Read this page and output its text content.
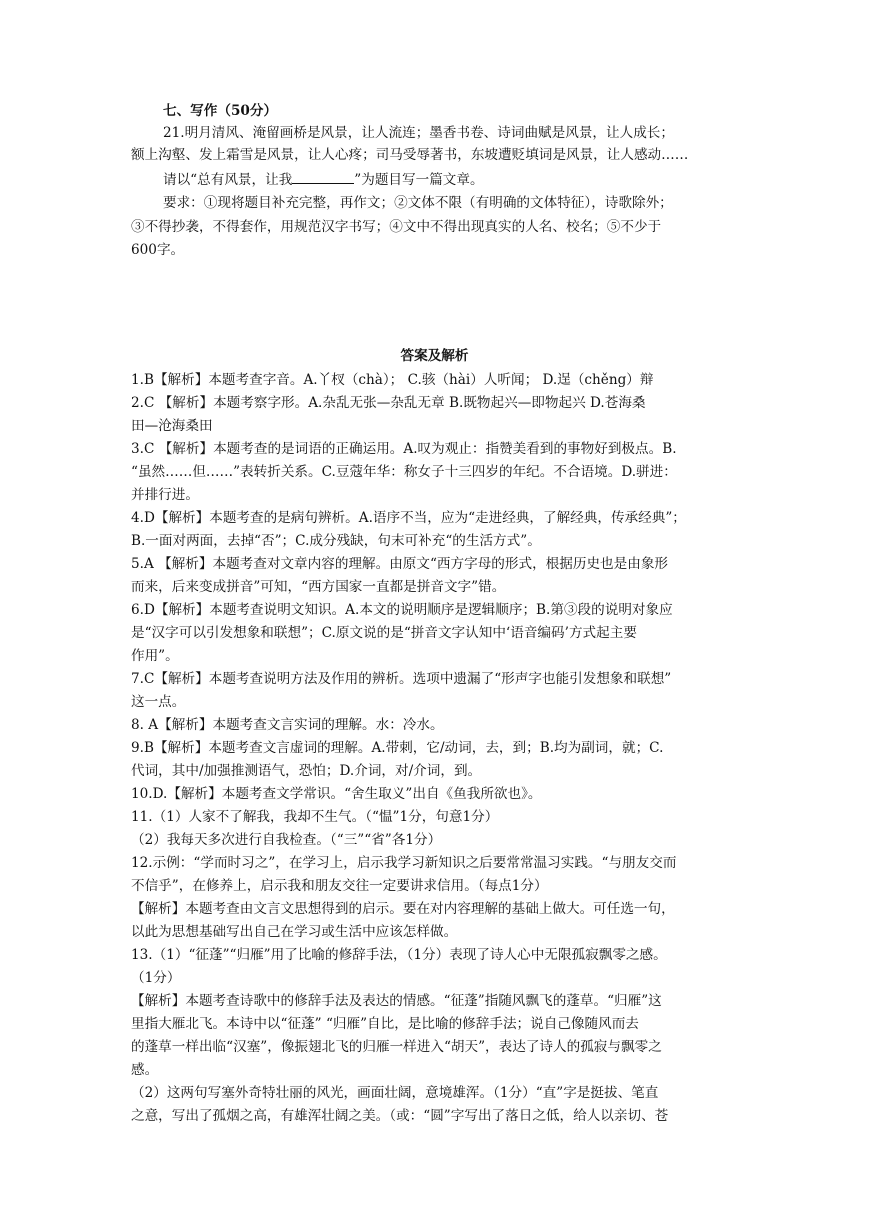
七、写作（50分）
21.明月清风、淹留画桥是风景，让人流连；墨香书卷、诗词曲赋是风景，让人成长；
额上沟壑、发上霜雪是风景，让人心疼；司马受辱著书，东坡遭贬填词是风景，让人感动……
请以“总有风景，让我	”为题目写一篇文章。
要求：①现将题目补充完整，再作文；②文体不限（有明确的文体特征），诗歌除外；
③不得抄袭，不得套作，用规范汉字书写；④文中不得出现真实的人名、校名；⑤不少于
600字。
答案及解析
1.B【解析】本题考查字音。A.丫杈（chà）； C.骇（hài）人听闻； D.逞（chěng）辩
2.C 【解析】本题考察字形。A.杂乱无张—杂乱无章 B.既物起兴—即物起兴 D.苍海桑
田—沧海桑田
3.C 【解析】本题考查的是词语的正确运用。A.叹为观止：指赞美看到的事物好到极点。B.
“虽然……但……”表转折关系。C.豆蔻年华：称女子十三四岁的年纪。不合语境。D.骈进：
并排行进。
4.D【解析】本题考查的是病句辨析。A.语序不当，应为“走进经典，了解经典，传承经典”；
B.一面对两面，去掉“否”；C.成分残缺，句末可补充“的生活方式”。
5.A 【解析】本题考查对文章内容的理解。由原文“西方字母的形式，根据历史也是由象形
而来，后来变成拼音”可知，“西方国家一直都是拼音文字”错。
6.D【解析】本题考查说明文知识。A.本文的说明顺序是逻辑顺序；B.第③段的说明对象应
是“汉字可以引发想象和联想”；C.原文说的是“拼音文字认知中‘语音编码’方式起主要
作用”。
7.C【解析】本题考查说明方法及作用的辨析。选项中遗漏了“形声字也能引发想象和联想”
这一点。
8. A【解析】本题考查文言实词的理解。水：冷水。
9.B【解析】本题考查文言虚词的理解。A.带刺，它/动词，去，到；B.均为副词，就；C.
代词，其中/加强推测语气，恐怕；D.介词，对/介词，到。
10.D.【解析】本题考查文学常识。“舍生取义”出自《鱼我所欲也》。
11.（1）人家不了解我，我却不生气。（“愠”1分，句意1分）
（2）我每天多次进行自我检查。（“三”“省”各1分）
12.示例：“学而时习之”，在学习上，启示我学习新知识之后要常常温习实践。“与朋友交而
不信乎”，在修养上，启示我和朋友交往一定要讲求信用。（每点1分）
【解析】本题考查由文言文思想得到的启示。要在对内容理解的基础上做大。可任选一句，
以此为思想基础写出自己在学习或生活中应该怎样做。
13.（1）“征蓬”“归雁”用了比喻的修辞手法，（1分）表现了诗人心中无限孤寂飘零之感。
（1分）
【解析】本题考查诗歌中的修辞手法及表达的情感。“征蓬”指随风飘飞的蓬草。“归雁”这
里指大雁北飞。本诗中以“征蓬” “归雁”自比，是比喻的修辞手法；说自己像随风而去
的蓬草一样出临“汉塞”，像振翅北飞的归雁一样进入“胡天”，表达了诗人的孤寂与飘零之
感。
（2）这两句写塞外奇特壮丽的风光，画面壮阔，意境雄浑。（1分）“直”字是挺拔、笔直
之意，写出了孤烟之高，有雄浑壮阔之美。（或：“圆”字写出了落日之低，给人以亲切、苍
